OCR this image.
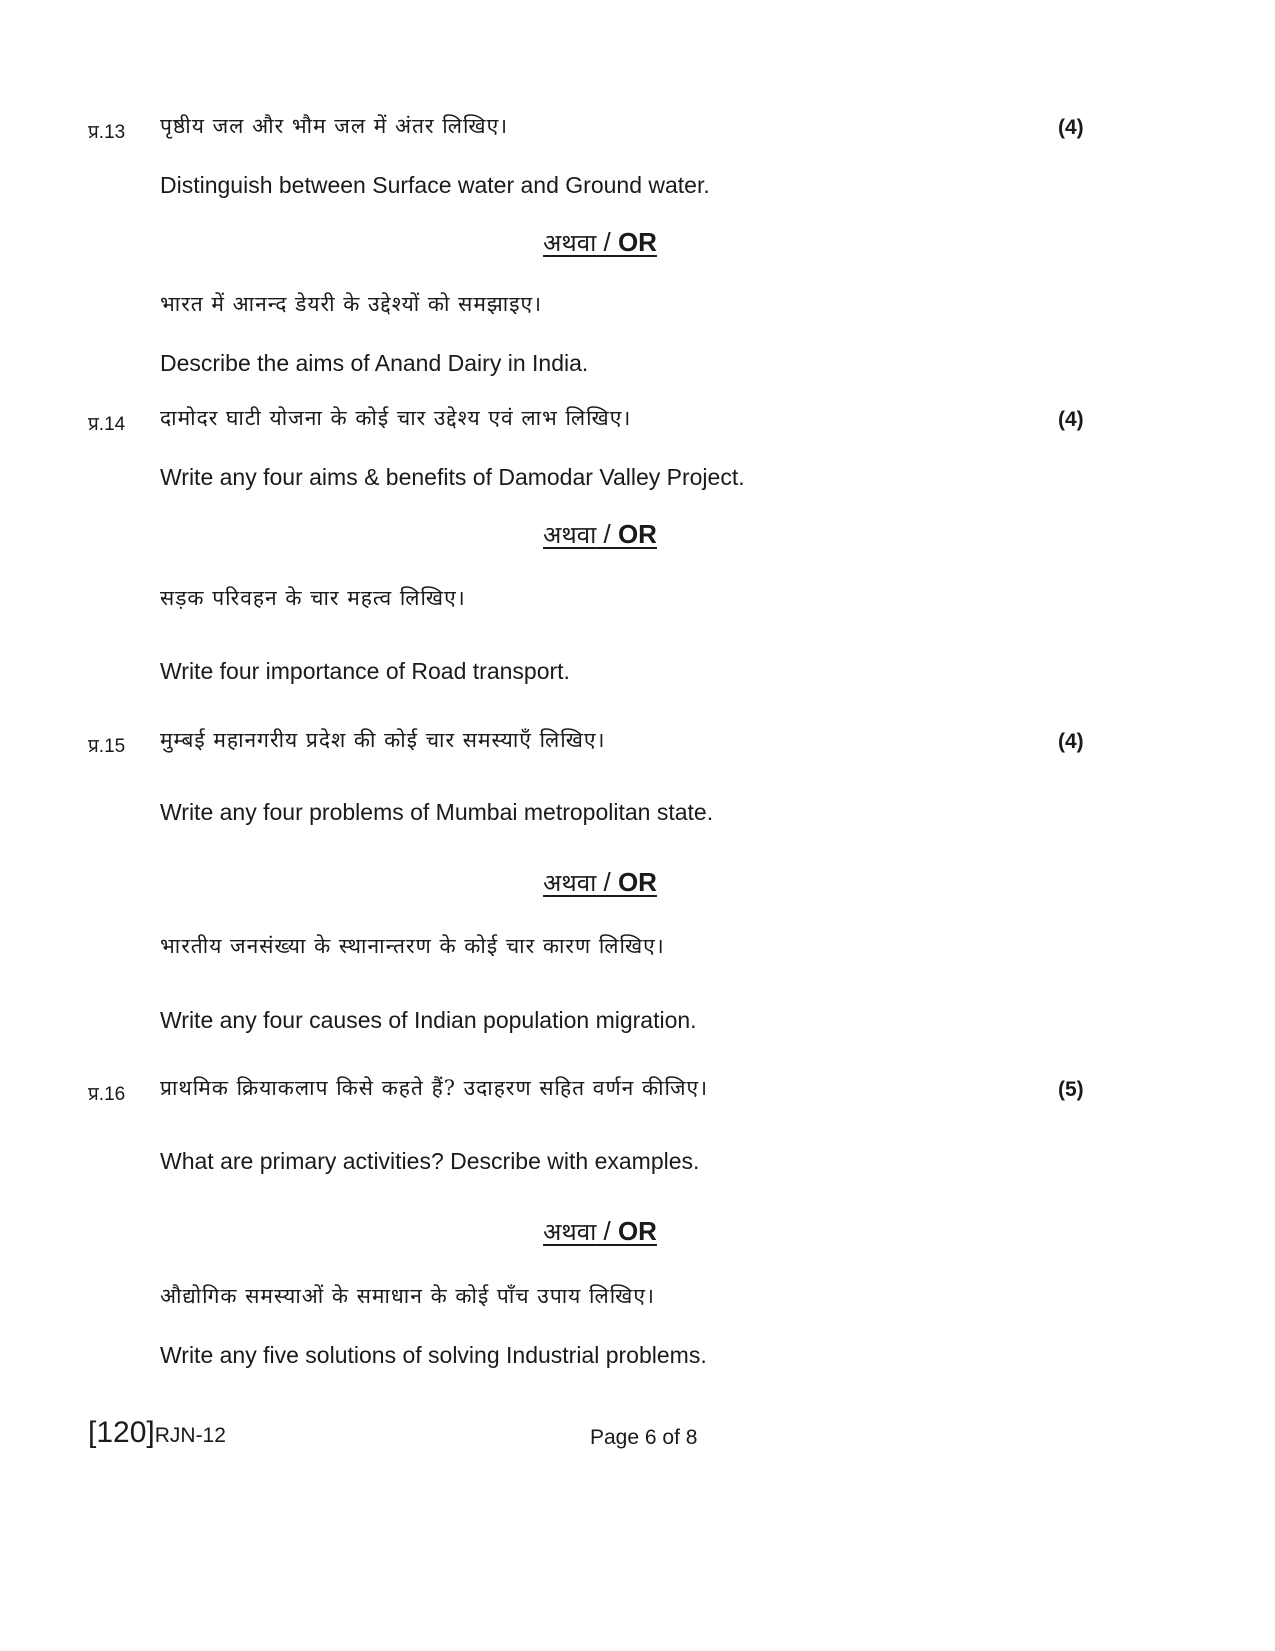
प्र.13 पृष्ठीय जल और भौम जल में अंतर लिखिए।	(4)
Distinguish between Surface water and Ground water.
अथवा / OR
भारत में आनन्द डेयरी के उद्देश्यों को समझाइए।
Describe the aims of Anand Dairy in India.
प्र.14 दामोदर घाटी योजना के कोई चार उद्देश्य एवं लाभ लिखिए।	(4)
Write any four aims & benefits of Damodar Valley Project.
अथवा / OR
सड़क परिवहन के चार महत्व लिखिए।
Write four importance of Road transport.
प्र.15 मुम्बई महानगरीय प्रदेश की कोई चार समस्याएँ लिखिए।	(4)
Write any four problems of Mumbai metropolitan state.
अथवा / OR
भारतीय जनसंख्या के स्थानान्तरण के कोई चार कारण लिखिए।
Write any four causes of Indian population migration.
प्र.16 प्राथमिक क्रियाकलाप किसे कहते हैं? उदाहरण सहित वर्णन कीजिए।	(5)
What are primary activities? Describe with examples.
अथवा / OR
औद्योगिक समस्याओं के समाधान के कोई पाँच उपाय लिखिए।
Write any five solutions of solving Industrial problems.
[120]RJN-12	Page 6 of 8
